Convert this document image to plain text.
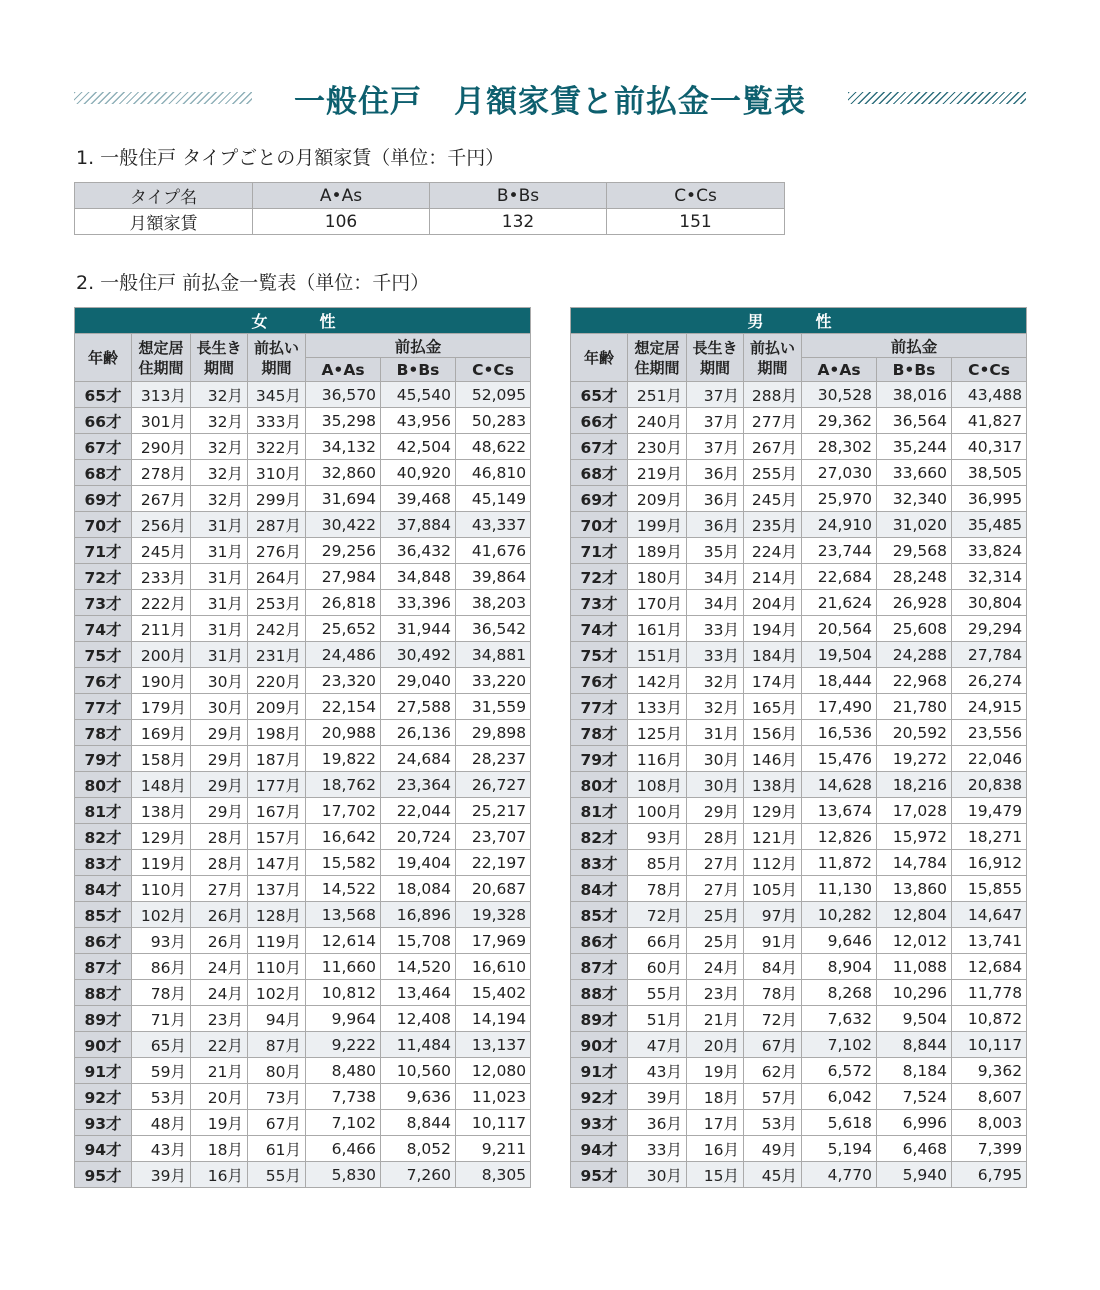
一般住戸　月額家賃と前払金一覧表
1. 一般住戸 タイプごとの月額家賃（単位：千円）
タイプ名	A•As	B•Bs	C•Cs
月額家賃	106	132	151
2. 一般住戸 前払金一覧表（単位：千円）
女　性						
年齢	想定居住期間	長生き期間	前払い期間	前払金		
				A•As	B•Bs	C•Cs
65才	313月	32月	345月	36,570	45,540	52,095
66才	301月	32月	333月	35,298	43,956	50,283
67才	290月	32月	322月	34,132	42,504	48,622
68才	278月	32月	310月	32,860	40,920	46,810
69才	267月	32月	299月	31,694	39,468	45,149
70才	256月	31月	287月	30,422	37,884	43,337
71才	245月	31月	276月	29,256	36,432	41,676
72才	233月	31月	264月	27,984	34,848	39,864
73才	222月	31月	253月	26,818	33,396	38,203
74才	211月	31月	242月	25,652	31,944	36,542
75才	200月	31月	231月	24,486	30,492	34,881
76才	190月	30月	220月	23,320	29,040	33,220
77才	179月	30月	209月	22,154	27,588	31,559
78才	169月	29月	198月	20,988	26,136	29,898
79才	158月	29月	187月	19,822	24,684	28,237
80才	148月	29月	177月	18,762	23,364	26,727
81才	138月	29月	167月	17,702	22,044	25,217
82才	129月	28月	157月	16,642	20,724	23,707
83才	119月	28月	147月	15,582	19,404	22,197
84才	110月	27月	137月	14,522	18,084	20,687
85才	102月	26月	128月	13,568	16,896	19,328
86才	93月	26月	119月	12,614	15,708	17,969
87才	86月	24月	110月	11,660	14,520	16,610
88才	78月	24月	102月	10,812	13,464	15,402
89才	71月	23月	94月	9,964	12,408	14,194
90才	65月	22月	87月	9,222	11,484	13,137
91才	59月	21月	80月	8,480	10,560	12,080
92才	53月	20月	73月	7,738	9,636	11,023
93才	48月	19月	67月	7,102	8,844	10,117
94才	43月	18月	61月	6,466	8,052	9,211
95才	39月	16月	55月	5,830	7,260	8,305
男　性						
年齢	想定居住期間	長生き期間	前払い期間	前払金		
				A•As	B•Bs	C•Cs
65才	251月	37月	288月	30,528	38,016	43,488
66才	240月	37月	277月	29,362	36,564	41,827
67才	230月	37月	267月	28,302	35,244	40,317
68才	219月	36月	255月	27,030	33,660	38,505
69才	209月	36月	245月	25,970	32,340	36,995
70才	199月	36月	235月	24,910	31,020	35,485
71才	189月	35月	224月	23,744	29,568	33,824
72才	180月	34月	214月	22,684	28,248	32,314
73才	170月	34月	204月	21,624	26,928	30,804
74才	161月	33月	194月	20,564	25,608	29,294
75才	151月	33月	184月	19,504	24,288	27,784
76才	142月	32月	174月	18,444	22,968	26,274
77才	133月	32月	165月	17,490	21,780	24,915
78才	125月	31月	156月	16,536	20,592	23,556
79才	116月	30月	146月	15,476	19,272	22,046
80才	108月	30月	138月	14,628	18,216	20,838
81才	100月	29月	129月	13,674	17,028	19,479
82才	93月	28月	121月	12,826	15,972	18,271
83才	85月	27月	112月	11,872	14,784	16,912
84才	78月	27月	105月	11,130	13,860	15,855
85才	72月	25月	97月	10,282	12,804	14,647
86才	66月	25月	91月	9,646	12,012	13,741
87才	60月	24月	84月	8,904	11,088	12,684
88才	55月	23月	78月	8,268	10,296	11,778
89才	51月	21月	72月	7,632	9,504	10,872
90才	47月	20月	67月	7,102	8,844	10,117
91才	43月	19月	62月	6,572	8,184	9,362
92才	39月	18月	57月	6,042	7,524	8,607
93才	36月	17月	53月	5,618	6,996	8,003
94才	33月	16月	49月	5,194	6,468	7,399
95才	30月	15月	45月	4,770	5,940	6,795
